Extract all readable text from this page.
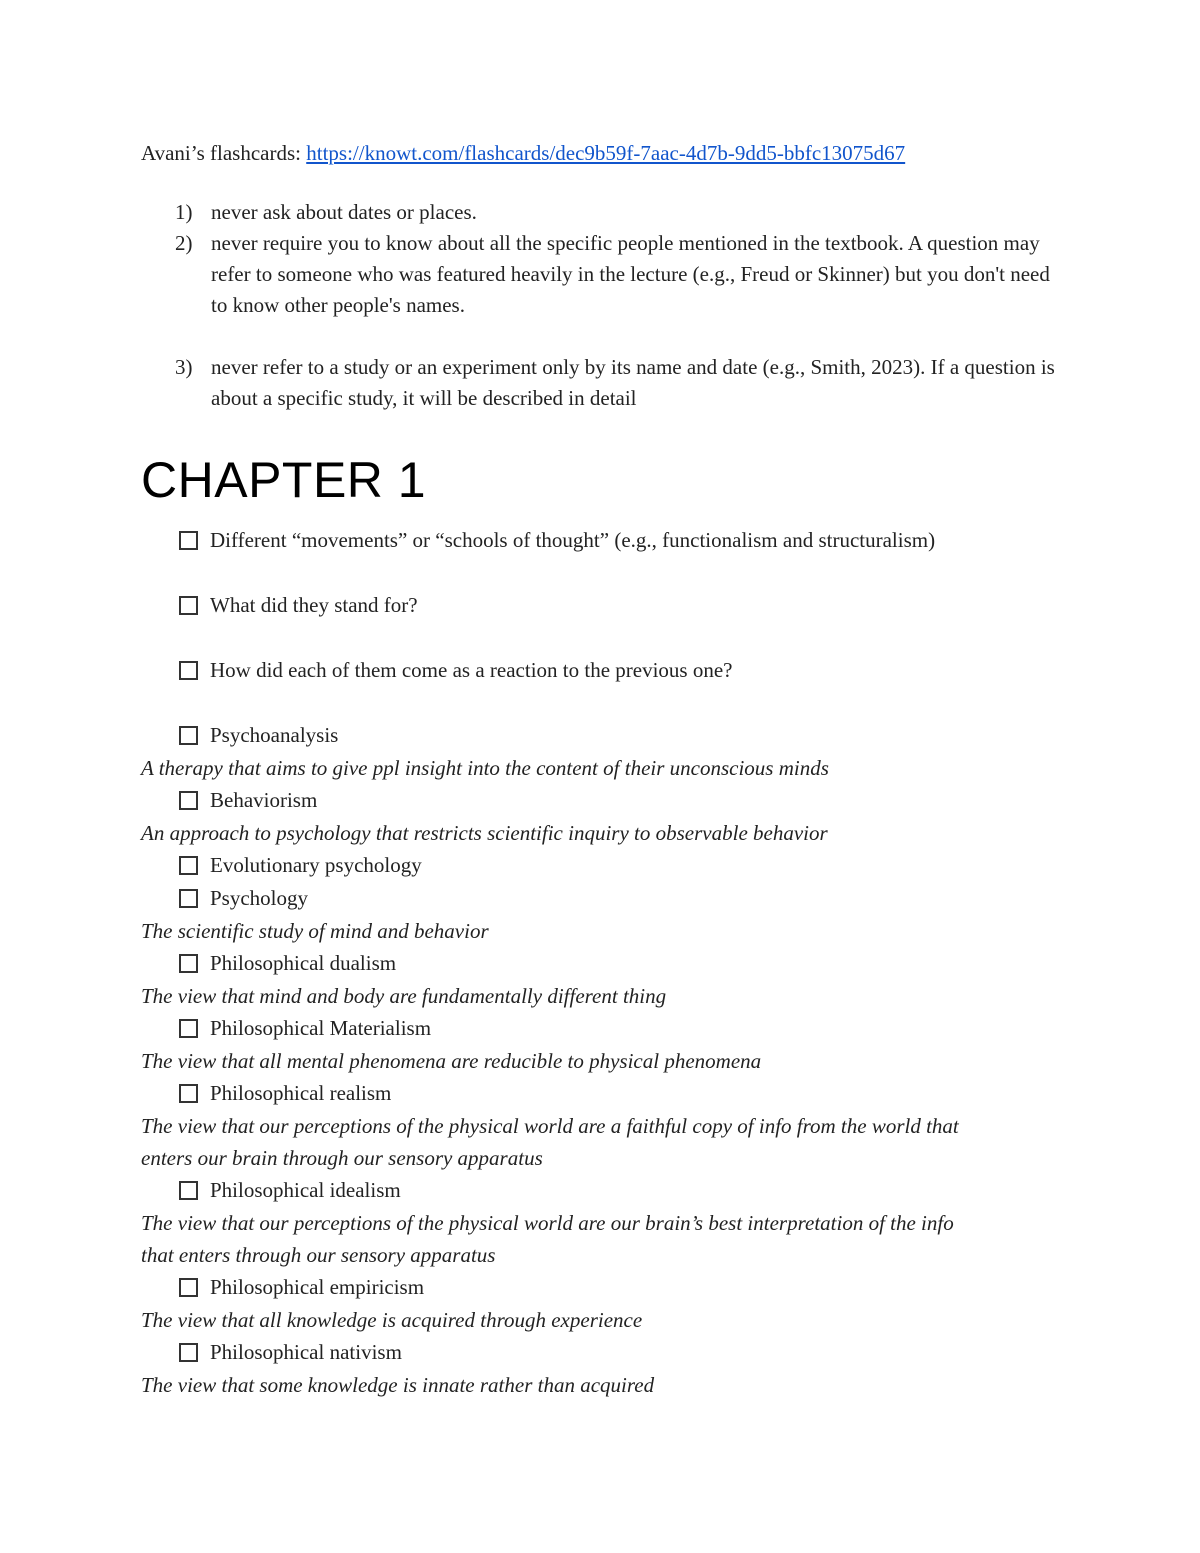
Avani’s flashcards: https://knowt.com/flashcards/dec9b59f-7aac-4d7b-9dd5-bbfc13075d67
1) never ask about dates or places.
2) never require you to know about all the specific people mentioned in the textbook. A question may refer to someone who was featured heavily in the lecture (e.g., Freud or Skinner) but you don't need to know other people's names.
3) never refer to a study or an experiment only by its name and date (e.g., Smith, 2023). If a question is about a specific study, it will be described in detail
CHAPTER 1
Different “movements” or “schools of thought” (e.g., functionalism and structuralism)
What did they stand for?
How did each of them come as a reaction to the previous one?
Psychoanalysis
A therapy that aims to give ppl insight into the content of their unconscious minds
Behaviorism
An approach to psychology that restricts scientific inquiry to observable behavior
Evolutionary psychology
Psychology
The scientific study of mind and behavior
Philosophical dualism
The view that mind and body are fundamentally different thing
Philosophical Materialism
The view that all mental phenomena are reducible to physical phenomena
Philosophical realism
The view that our perceptions of the physical world are a faithful copy of info from the world that
enters our brain through our sensory apparatus
Philosophical idealism
The view that our perceptions of the physical world are our brain’s best interpretation of the info
that enters through our sensory apparatus
Philosophical empiricism
The view that all knowledge is acquired through experience
Philosophical nativism
The view that some knowledge is innate rather than acquired
